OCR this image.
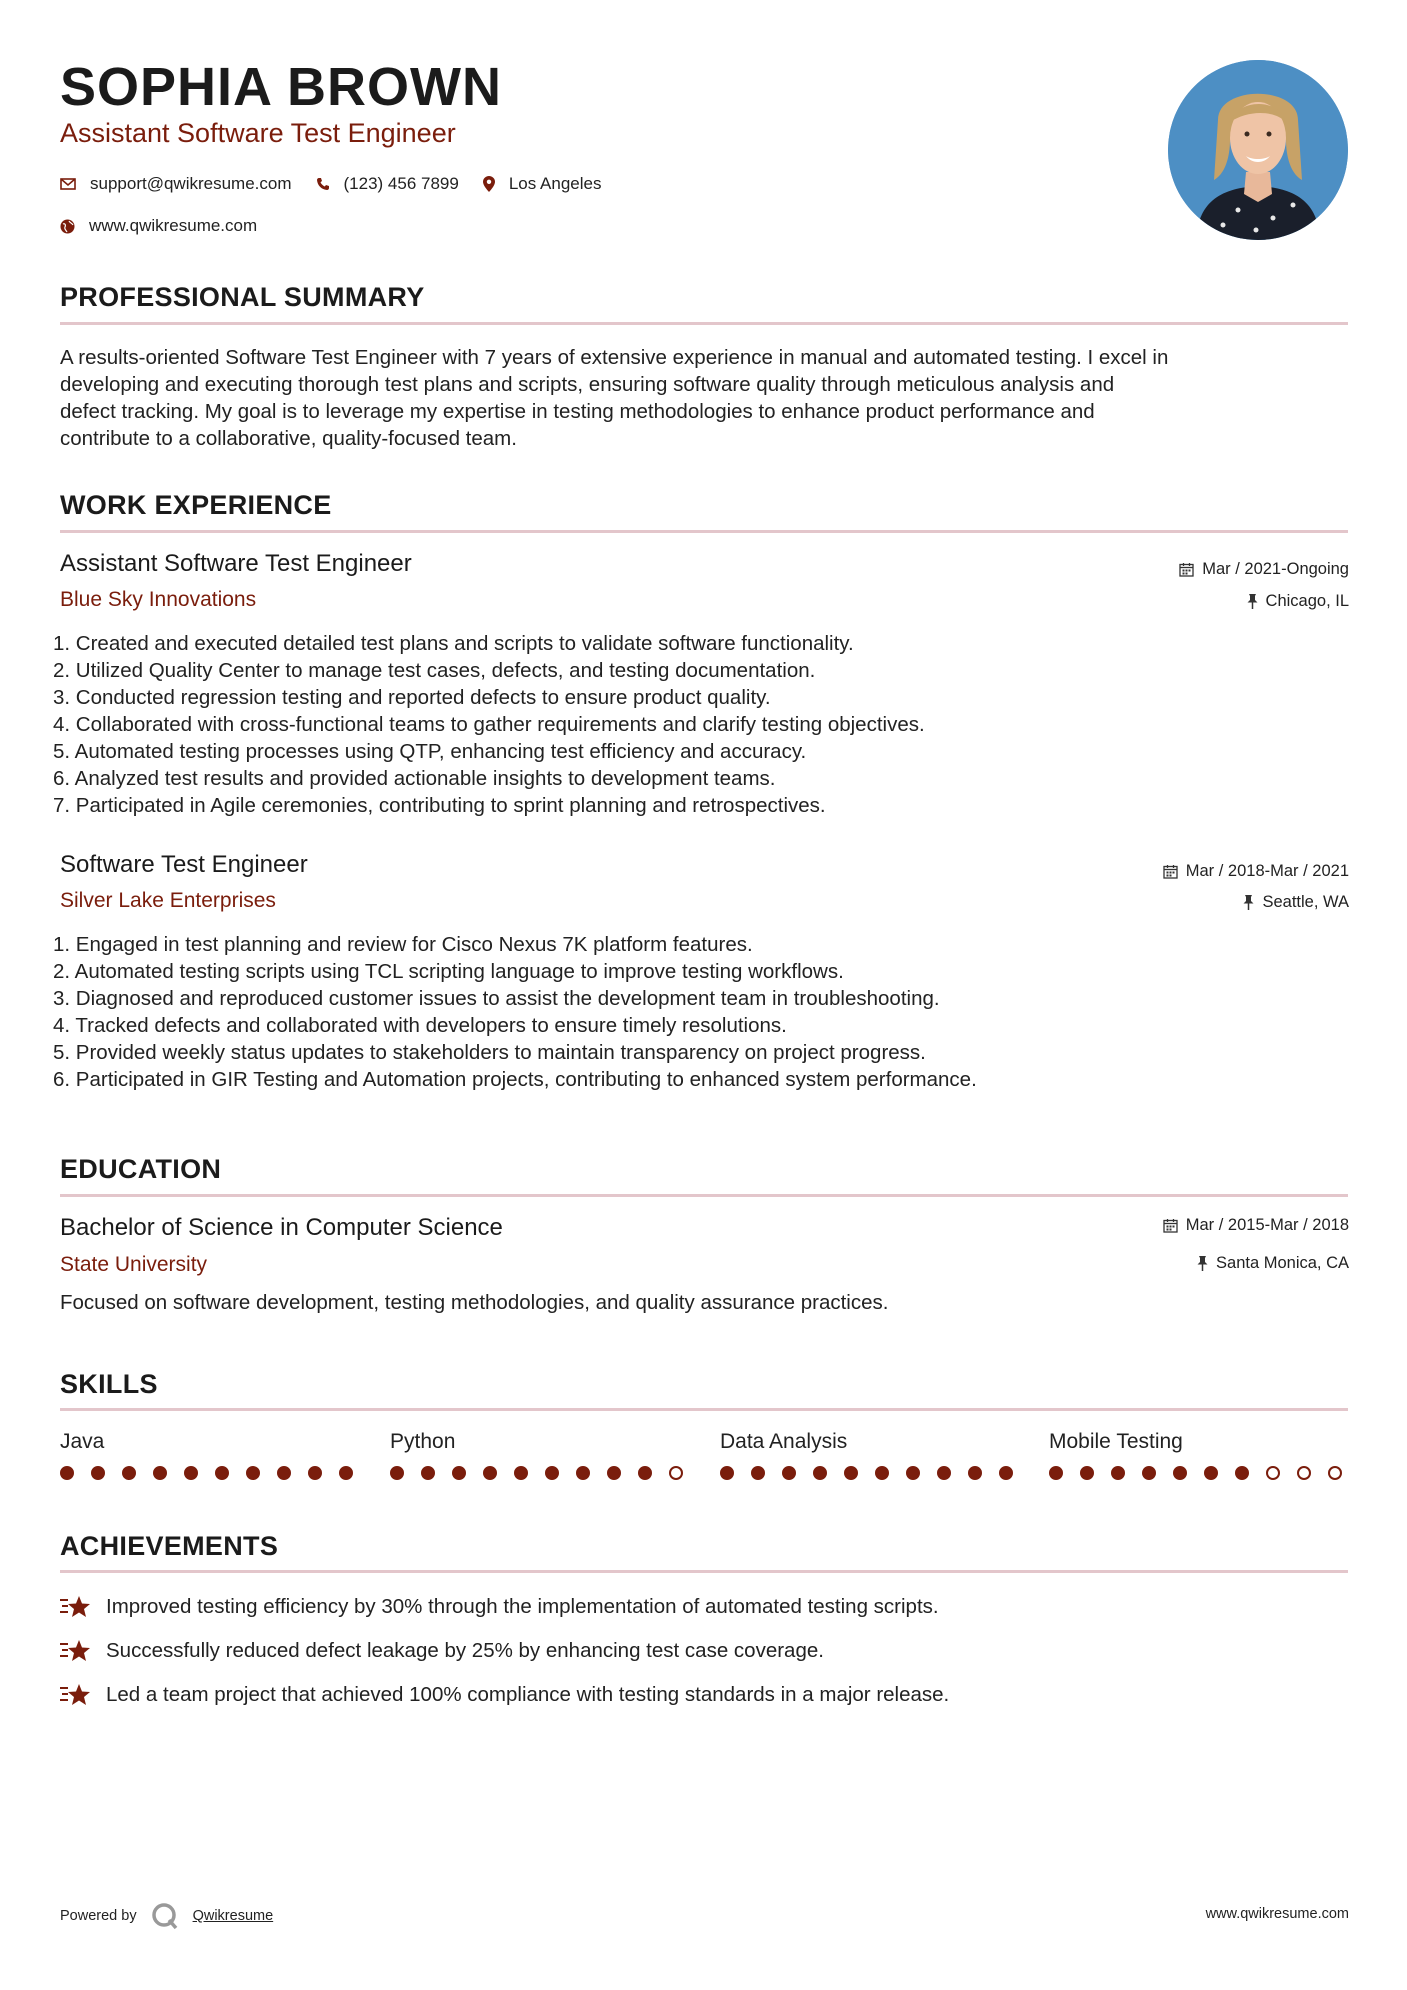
SOPHIA BROWN
Assistant Software Test Engineer
support@qwikresume.com	(123) 456 7899	Los Angeles
www.qwikresume.com
PROFESSIONAL SUMMARY
A results-oriented Software Test Engineer with 7 years of extensive experience in manual and automated testing. I excel in
developing and executing thorough test plans and scripts, ensuring software quality through meticulous analysis and
defect tracking. My goal is to leverage my expertise in testing methodologies to enhance product performance and
contribute to a collaborative, quality-focused team.
WORK EXPERIENCE
Assistant Software Test Engineer
Blue Sky Innovations
Mar / 2021-Ongoing
Chicago, IL
1. Created and executed detailed test plans and scripts to validate software functionality.
2. Utilized Quality Center to manage test cases, defects, and testing documentation.
3. Conducted regression testing and reported defects to ensure product quality.
4. Collaborated with cross-functional teams to gather requirements and clarify testing objectives.
5. Automated testing processes using QTP, enhancing test efficiency and accuracy.
6. Analyzed test results and provided actionable insights to development teams.
7. Participated in Agile ceremonies, contributing to sprint planning and retrospectives.
Software Test Engineer
Silver Lake Enterprises
Mar / 2018-Mar / 2021
Seattle, WA
1. Engaged in test planning and review for Cisco Nexus 7K platform features.
2. Automated testing scripts using TCL scripting language to improve testing workflows.
3. Diagnosed and reproduced customer issues to assist the development team in troubleshooting.
4. Tracked defects and collaborated with developers to ensure timely resolutions.
5. Provided weekly status updates to stakeholders to maintain transparency on project progress.
6. Participated in GIR Testing and Automation projects, contributing to enhanced system performance.
EDUCATION
Bachelor of Science in Computer Science
State University
Mar / 2015-Mar / 2018
Santa Monica, CA
Focused on software development, testing methodologies, and quality assurance practices.
SKILLS
Java	Python	Data Analysis	Mobile Testing
ACHIEVEMENTS
Improved testing efficiency by 30% through the implementation of automated testing scripts.
Successfully reduced defect leakage by 25% by enhancing test case coverage.
Led a team project that achieved 100% compliance with testing standards in a major release.
Powered by	Qwikresume	www.qwikresume.com
